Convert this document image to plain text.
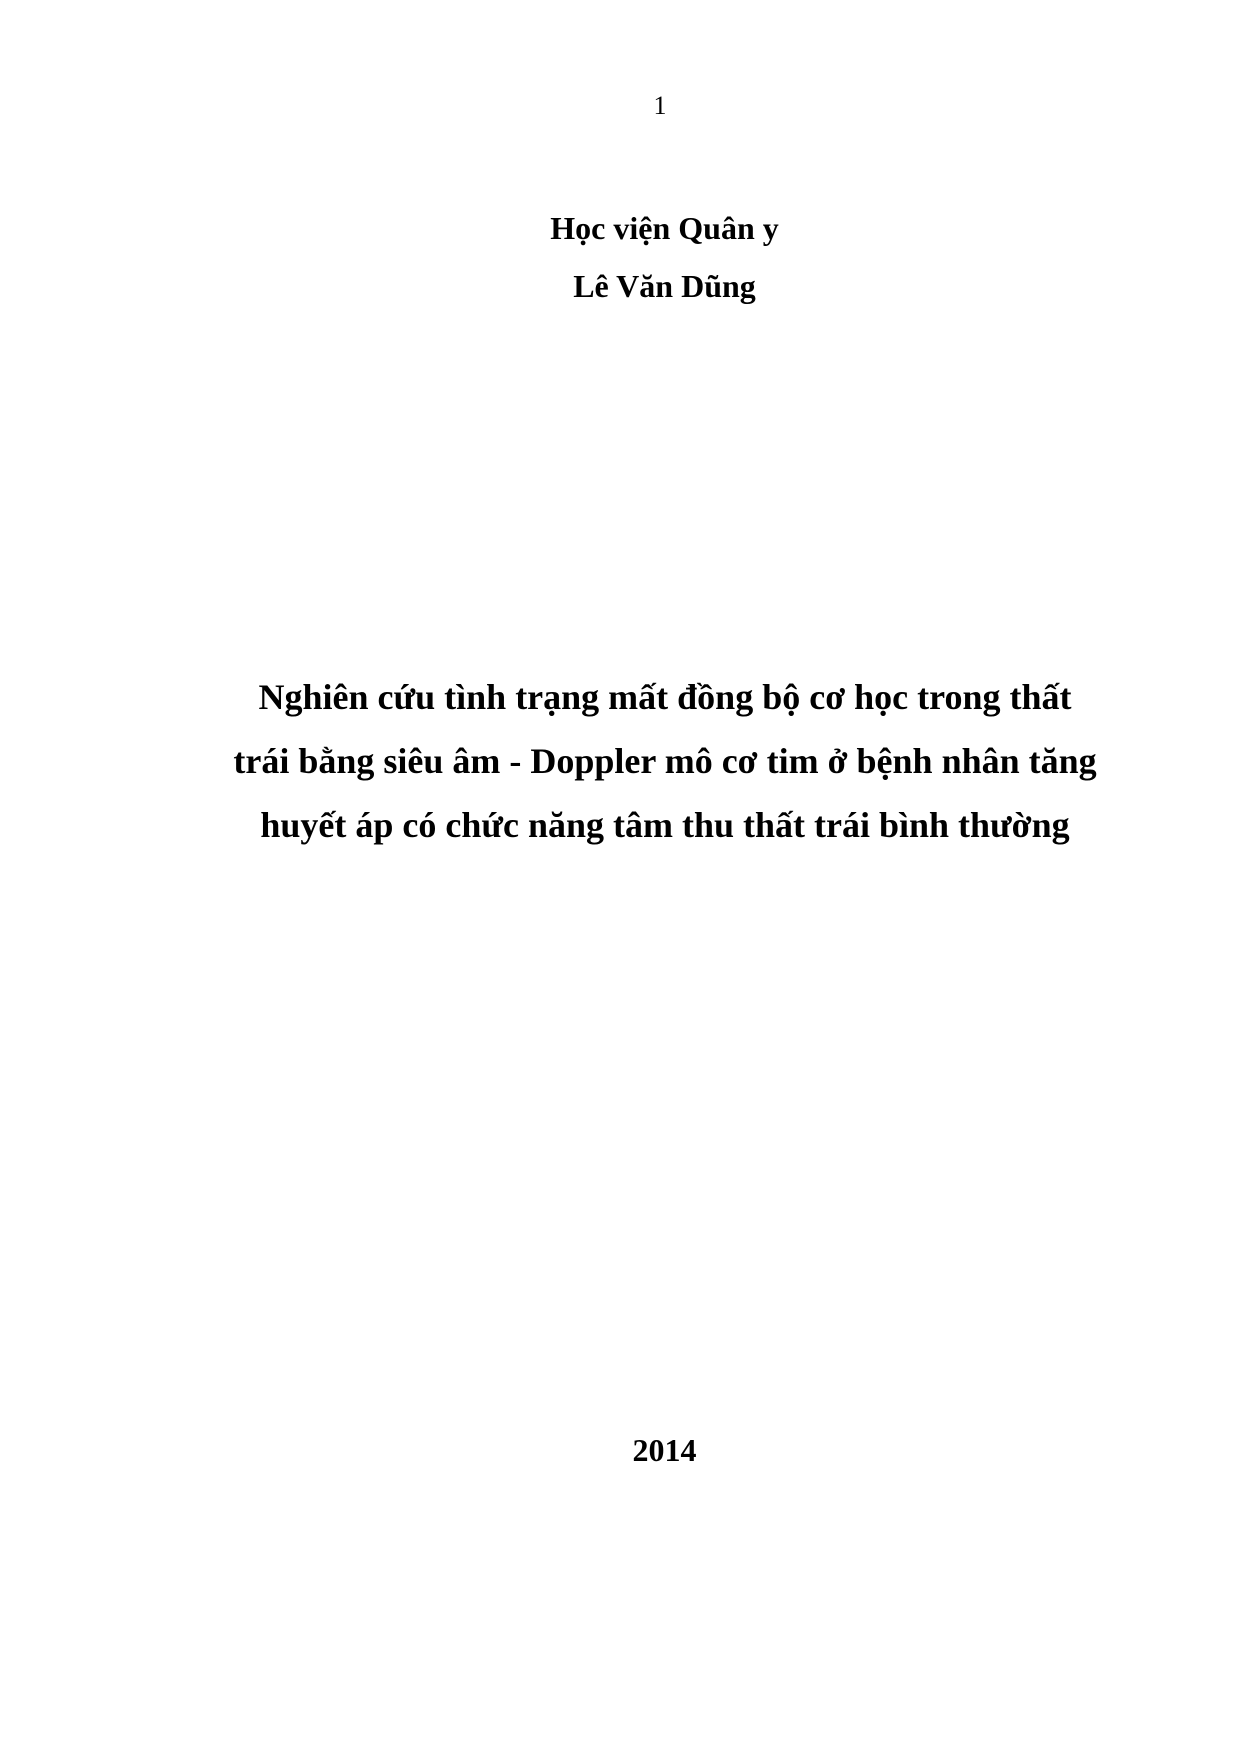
1
Học viện Quân y
Lê Văn Dũng
Nghiên cứu tình trạng mất đồng bộ cơ học trong thất
trái bằng siêu âm - Doppler mô cơ tim ở bệnh nhân tăng
huyết áp có chức năng tâm thu thất trái bình thường
2014
